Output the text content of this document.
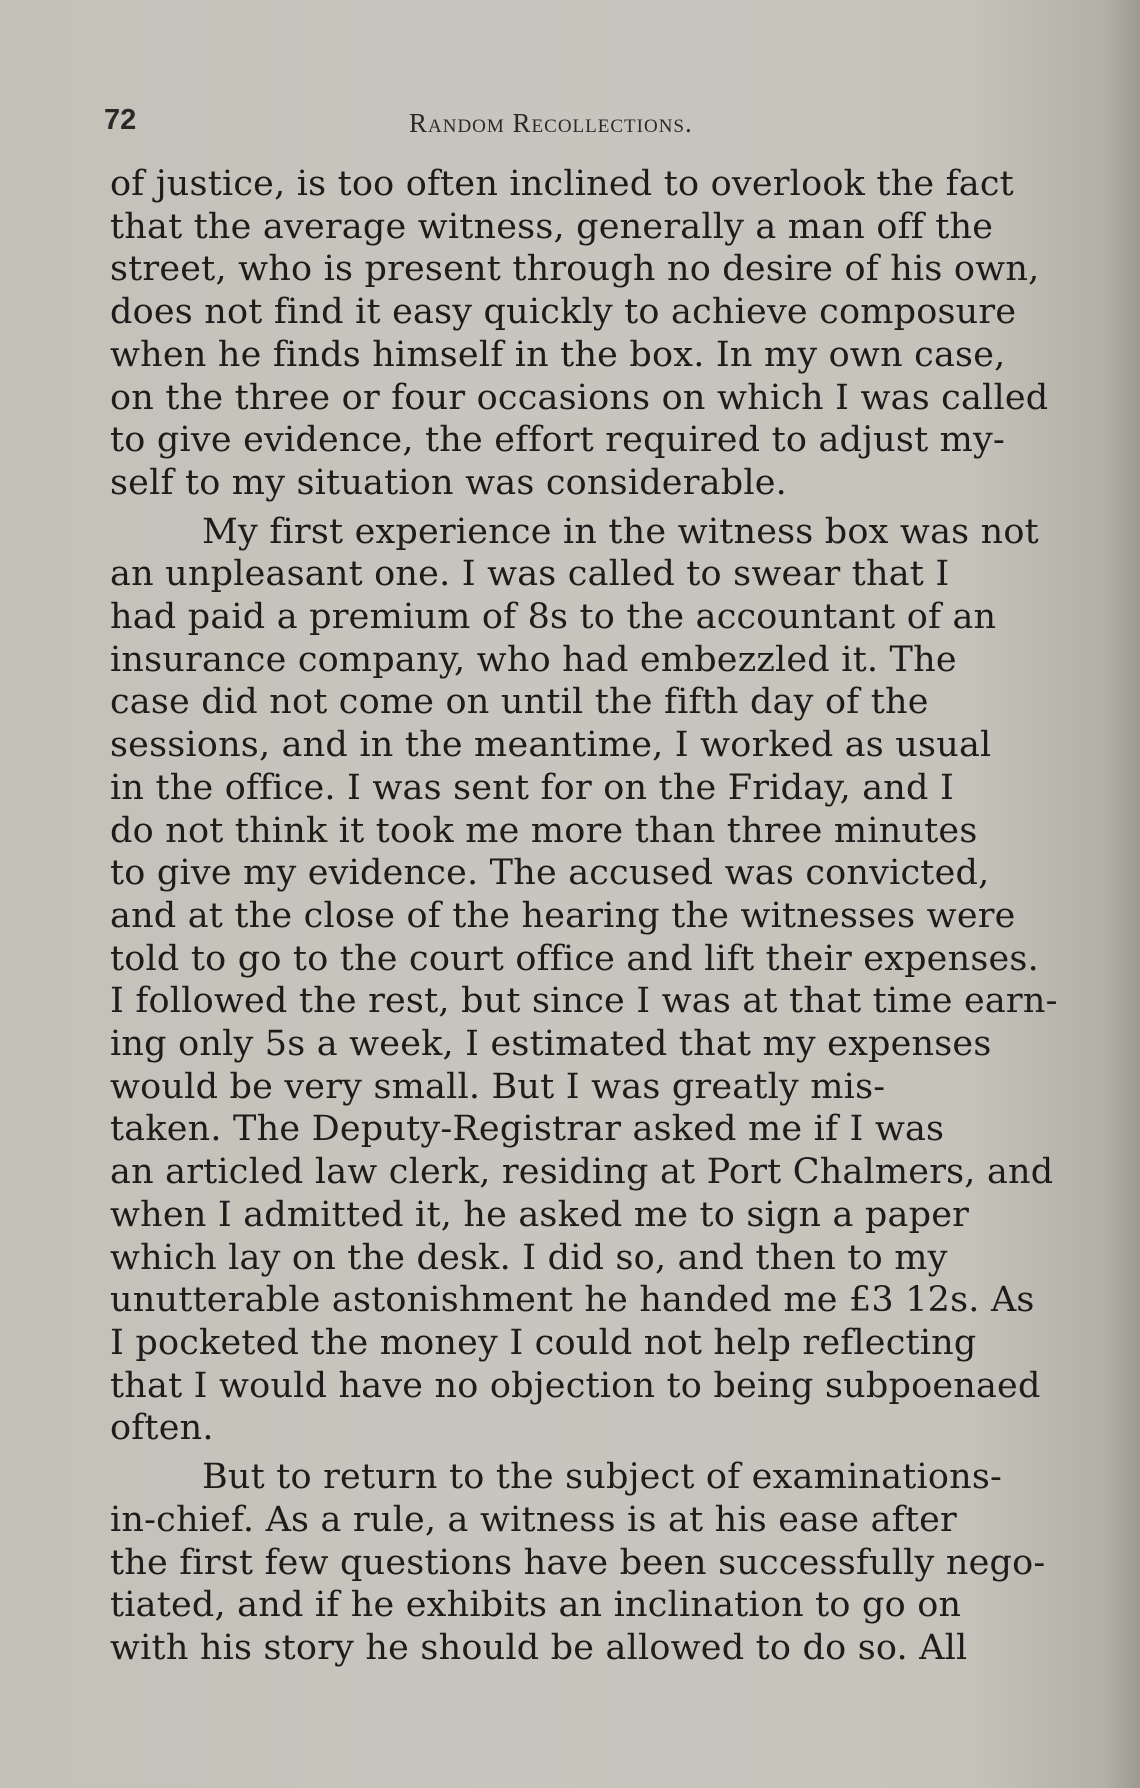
72	Random Recollections.
of justice, is too often inclined to overlook the fact
that the average witness, generally a man off the
street, who is present through no desire of his own,
does not find it easy quickly to achieve composure
when he finds himself in the box. In my own case,
on the three or four occasions on which I was called
to give evidence, the effort required to adjust my-
self to my situation was considerable.
My first experience in the witness box was not
an unpleasant one. I was called to swear that I
had paid a premium of 8s to the accountant of an
insurance company, who had embezzled it. The
case did not come on until the fifth day of the
sessions, and in the meantime, I worked as usual
in the office. I was sent for on the Friday, and I
do not think it took me more than three minutes
to give my evidence. The accused was convicted,
and at the close of the hearing the witnesses were
told to go to the court office and lift their expenses.
I followed the rest, but since I was at that time earn-
ing only 5s a week, I estimated that my expenses
would be very small. But I was greatly mis-
taken. The Deputy-Registrar asked me if I was
an articled law clerk, residing at Port Chalmers, and
when I admitted it, he asked me to sign a paper
which lay on the desk. I did so, and then to my
unutterable astonishment he handed me £3 12s. As
I pocketed the money I could not help reflecting
that I would have no objection to being subpoenaed
often.
But to return to the subject of examinations-
in-chief. As a rule, a witness is at his ease after
the first few questions have been successfully nego-
tiated, and if he exhibits an inclination to go on
with his story he should be allowed to do so. All
